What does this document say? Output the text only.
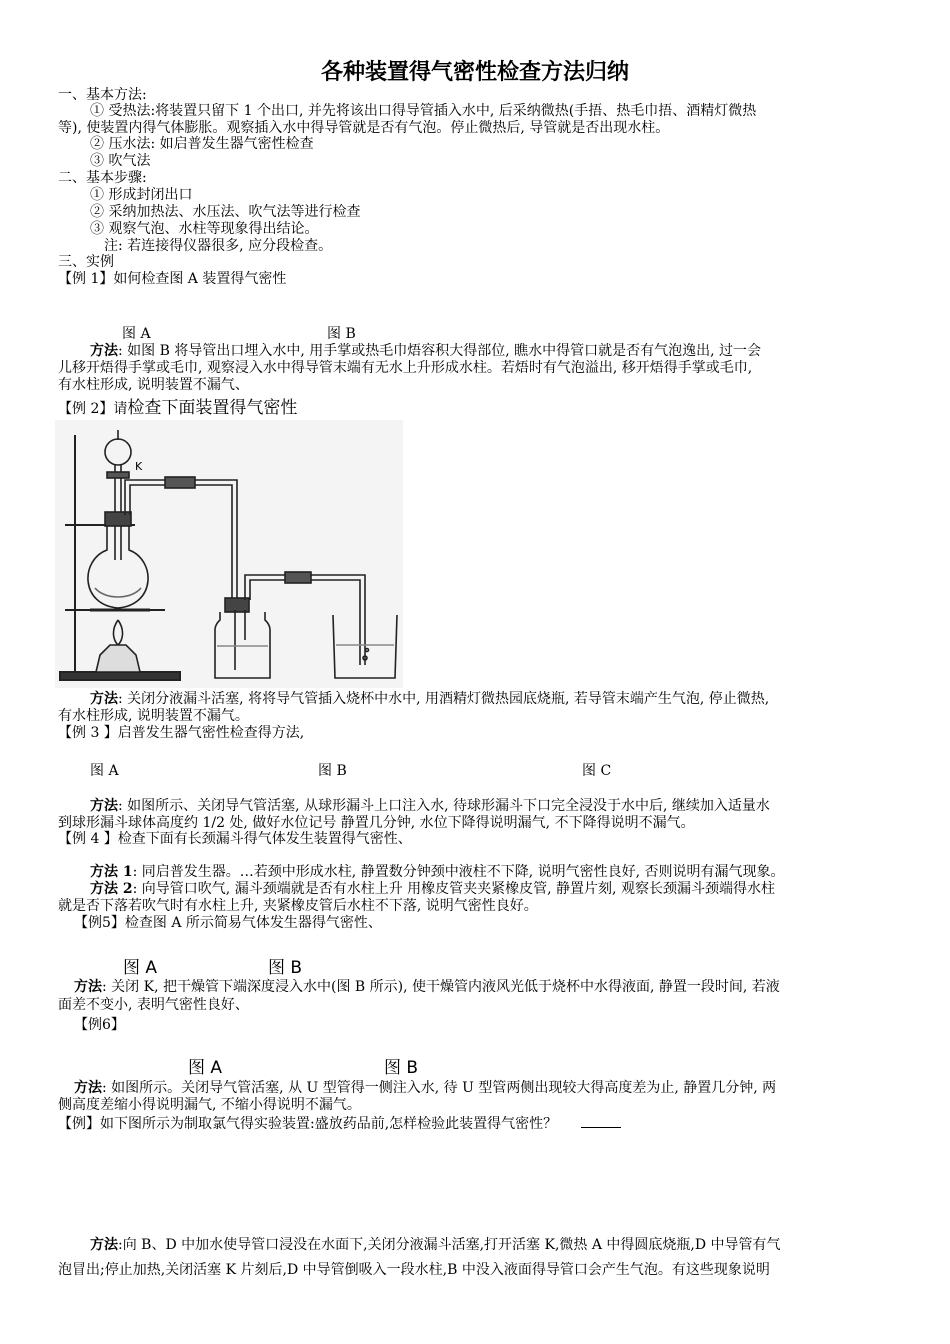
各种装置得气密性检查方法归纳
一、基本方法:
① 受热法:将装置只留下 1 个出口, 并先将该出口得导管插入水中, 后采纳微热(手捂、热毛巾捂、酒精灯微热
等), 使装置内得气体膨胀。观察插入水中得导管就是否有气泡。停止微热后, 导管就是否出现水柱。
② 压水法: 如启普发生器气密性检查
③ 吹气法
二、基本步骤:
① 形成封闭出口
② 采纳加热法、水压法、吹气法等进行检查
③ 观察气泡、水柱等现象得出结论。
注: 若连接得仪器很多, 应分段检查。
三、实例
【例 1】如何检查图 A 装置得气密性
图 A	图 B
方法: 如图 B 将导管出口埋入水中, 用手掌或热毛巾焐容积大得部位, 瞧水中得管口就是否有气泡逸出, 过一会
儿移开焐得手掌或毛巾, 观察浸入水中得导管末端有无水上升形成水柱。若焐时有气泡溢出, 移开焐得手掌或毛巾,
有水柱形成, 说明装置不漏气、
【例 2】请检查下面装置得气密性
K
方法: 关闭分液漏斗活塞, 将将导气管插入烧杯中水中, 用酒精灯微热园底烧瓶, 若导管末端产生气泡, 停止微热,
有水柱形成, 说明装置不漏气。
【例 3 】启普发生器气密性检查得方法,
图 A	图 B	图 C
方法: 如图所示、关闭导气管活塞, 从球形漏斗上口注入水, 待球形漏斗下口完全浸没于水中后, 继续加入适量水
到球形漏斗球体高度约 1/2 处, 做好水位记号 静置几分钟, 水位下降得说明漏气, 不下降得说明不漏气。
【例 4 】检查下面有长颈漏斗得气体发生装置得气密性、
方法 1: 同启普发生器。…若颈中形成水柱, 静置数分钟颈中液柱不下降, 说明气密性良好, 否则说明有漏气现象。
方法 2: 向导管口吹气, 漏斗颈端就是否有水柱上升 用橡皮管夹夹紧橡皮管, 静置片刻, 观察长颈漏斗颈端得水柱
就是否下落若吹气时有水柱上升, 夹紧橡皮管后水柱不下落, 说明气密性良好。
【例5】检查图 A 所示简易气体发生器得气密性、
图 A	图 B
方法: 关闭 K, 把干燥管下端深度浸入水中(图 B 所示), 使干燥管内液风光低于烧杯中水得液面, 静置一段时间, 若液
面差不变小, 表明气密性良好、
【例6】
图 A	图 B
方法: 如图所示。关闭导气管活塞, 从 U 型管得一侧注入水, 待 U 型管两侧出现较大得高度差为止, 静置几分钟, 两
侧高度差缩小得说明漏气, 不缩小得说明不漏气。
【例】如下图所示为制取氯气得实验装置:盛放药品前,怎样检验此装置得气密性？
方法:向 B、D 中加水使导管口浸没在水面下,关闭分液漏斗活塞,打开活塞 K,微热 A 中得圆底烧瓶,D 中导管有气
泡冒出;停止加热,关闭活塞 K 片刻后,D 中导管倒吸入一段水柱,B 中没入液面得导管口会产生气泡。有这些现象说明
